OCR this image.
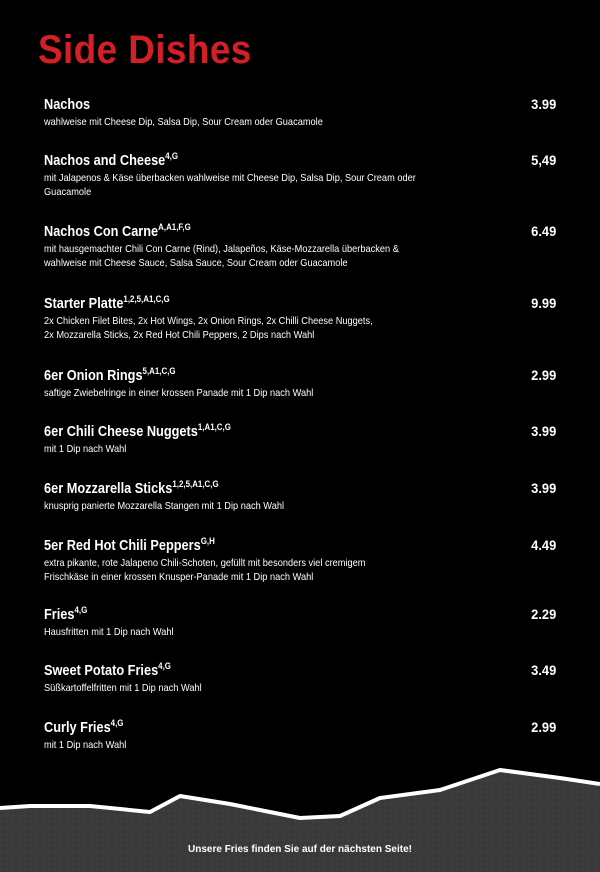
Side Dishes
Nachos
wahlweise mit Cheese Dip, Salsa Dip, Sour Cream oder Guacamole
3.99
Nachos and Cheese$^{4,G}$
mit Jalapenos & Käse überbacken wahlweise mit Cheese Dip, Salsa Dip, Sour Cream oder
Guacamole
5,49
Nachos Con Carne$^{A,A1,F,G}$
mit hausgemachter Chili Con Carne (Rind), Jalapeños, Käse-Mozzarella überbacken &
wahlweise mit Cheese Sauce, Salsa Sauce, Sour Cream oder Guacamole
6.49
Starter Platte$^{1,2,5,A1,C,G}$
2x Chicken Filet Bites, 2x Hot Wings, 2x Onion Rings, 2x Chilli Cheese Nuggets,
2x Mozzarella Sticks, 2x Red Hot Chili Peppers, 2 Dips nach Wahl
9.99
6er Onion Rings$^{5,A1,C,G}$
saftige Zwiebelringe in einer krossen Panade mit 1 Dip nach Wahl
2.99
6er Chili Cheese Nuggets$^{1,A1,C,G}$
mit 1 Dip nach Wahl
3.99
6er Mozzarella Sticks$^{1,2,5,A1,C,G}$
knusprig panierte Mozzarella Stangen mit 1 Dip nach Wahl
3.99
5er Red Hot Chili Peppers$^{G,H}$
extra pikante, rote Jalapeno Chili-Schoten, gefüllt mit besonders viel cremigem
Frischkäse in einer krossen Knusper-Panade mit 1 Dip nach Wahl
4.49
Fries$^{4,G}$
Hausfritten mit 1 Dip nach Wahl
2.29
Sweet Potato Fries$^{4,G}$
Süßkartoffelfritten mit 1 Dip nach Wahl
3.49
Curly Fries$^{4,G}$
mit 1 Dip nach Wahl
2.99
Unsere Fries finden Sie auf der nächsten Seite!
